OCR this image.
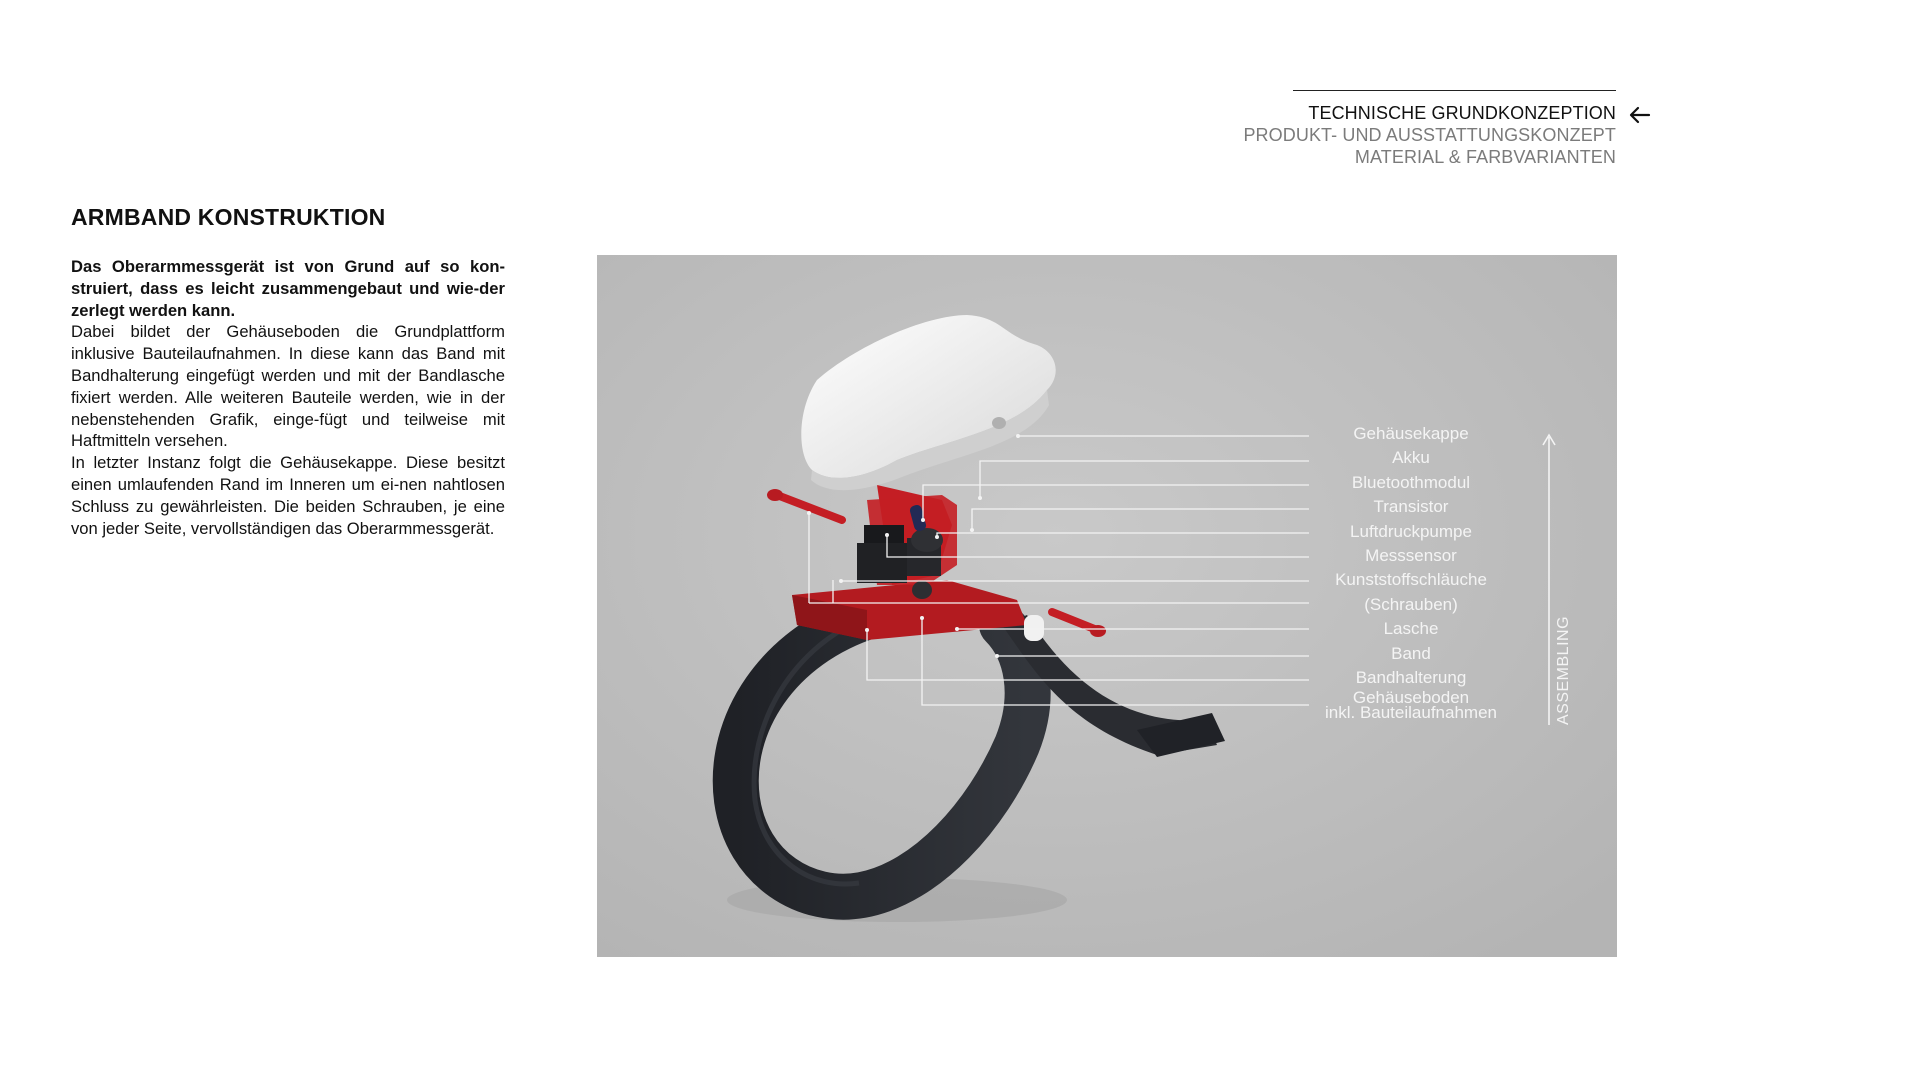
TECHNISCHE GRUNDKONZEPTION
PRODUKT- UND AUSSTATTUNGSKONZEPT
MATERIAL & FARBVARIANTEN
ARMBAND KONSTRUKTION

Das Oberarmmessgerät ist von Grund auf so kon-struiert, dass es leicht zusammengebaut und wie-der zerlegt werden kann.

Dabei bildet der Gehäuseboden die Grundplattform inklusive Bauteilaufnahmen. In diese kann das Band mit Bandhalterung eingefügt werden und mit der Bandlasche fixiert werden. Alle weiteren Bauteile werden, wie in der nebenstehenden Grafik, einge-fügt und teilweise mit Haftmitteln versehen.

In letzter Instanz folgt die Gehäusekappe. Diese besitzt einen umlaufenden Rand im Inneren um ei-nen nahtlosen Schluss zu gewährleisten. Die beiden Schrauben, je eine von jeder Seite, vervollständigen das Oberarmmessgerät.

Gehäusekappe
Akku
Bluetoothmodul
Transistor
Luftdruckpumpe
Messsensor
Kunststoffschläuche
(Schrauben)
Lasche
Band
Bandhalterung
Gehäuseboden
inkl. Bauteilaufnahmen	ASSEMBLING
